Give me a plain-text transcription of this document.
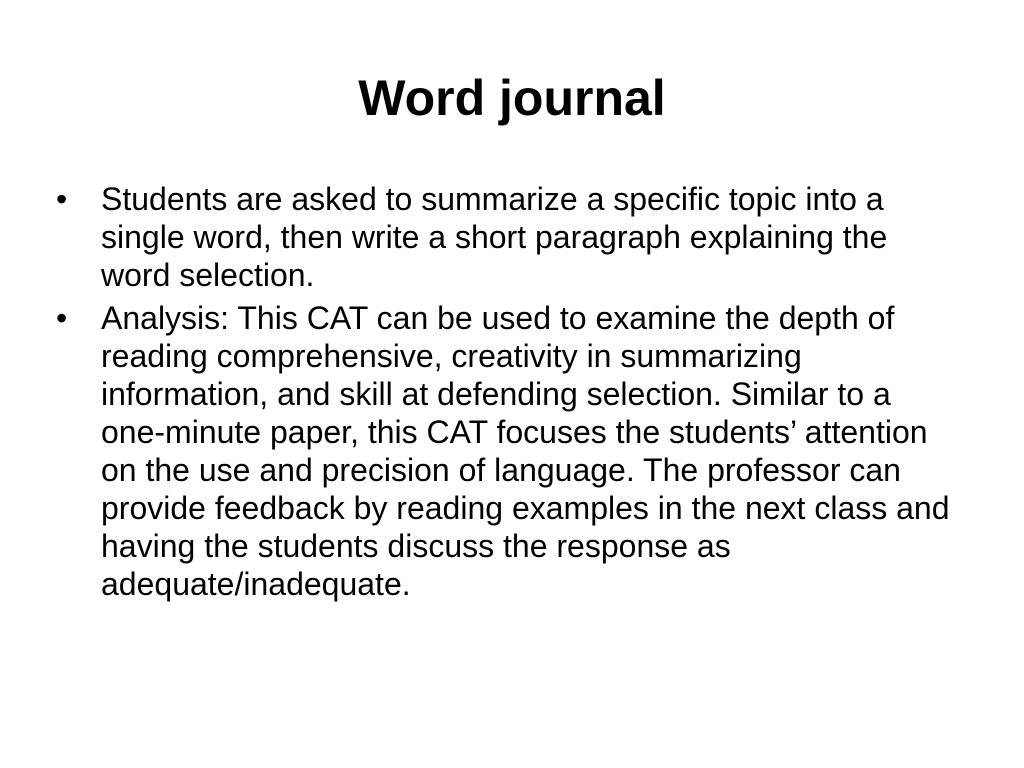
Word journal
•	Students are asked to summarize a specific topic into a single word, then write a short paragraph explaining the word selection.
•	Analysis: This CAT can be used to examine the depth of reading comprehensive, creativity in summarizing information, and skill at defending selection. Similar to a one-minute paper, this CAT focuses the students’ attention on the use and precision of language. The professor can provide feedback by reading examples in the next class and having the students discuss the response as adequate/inadequate.
